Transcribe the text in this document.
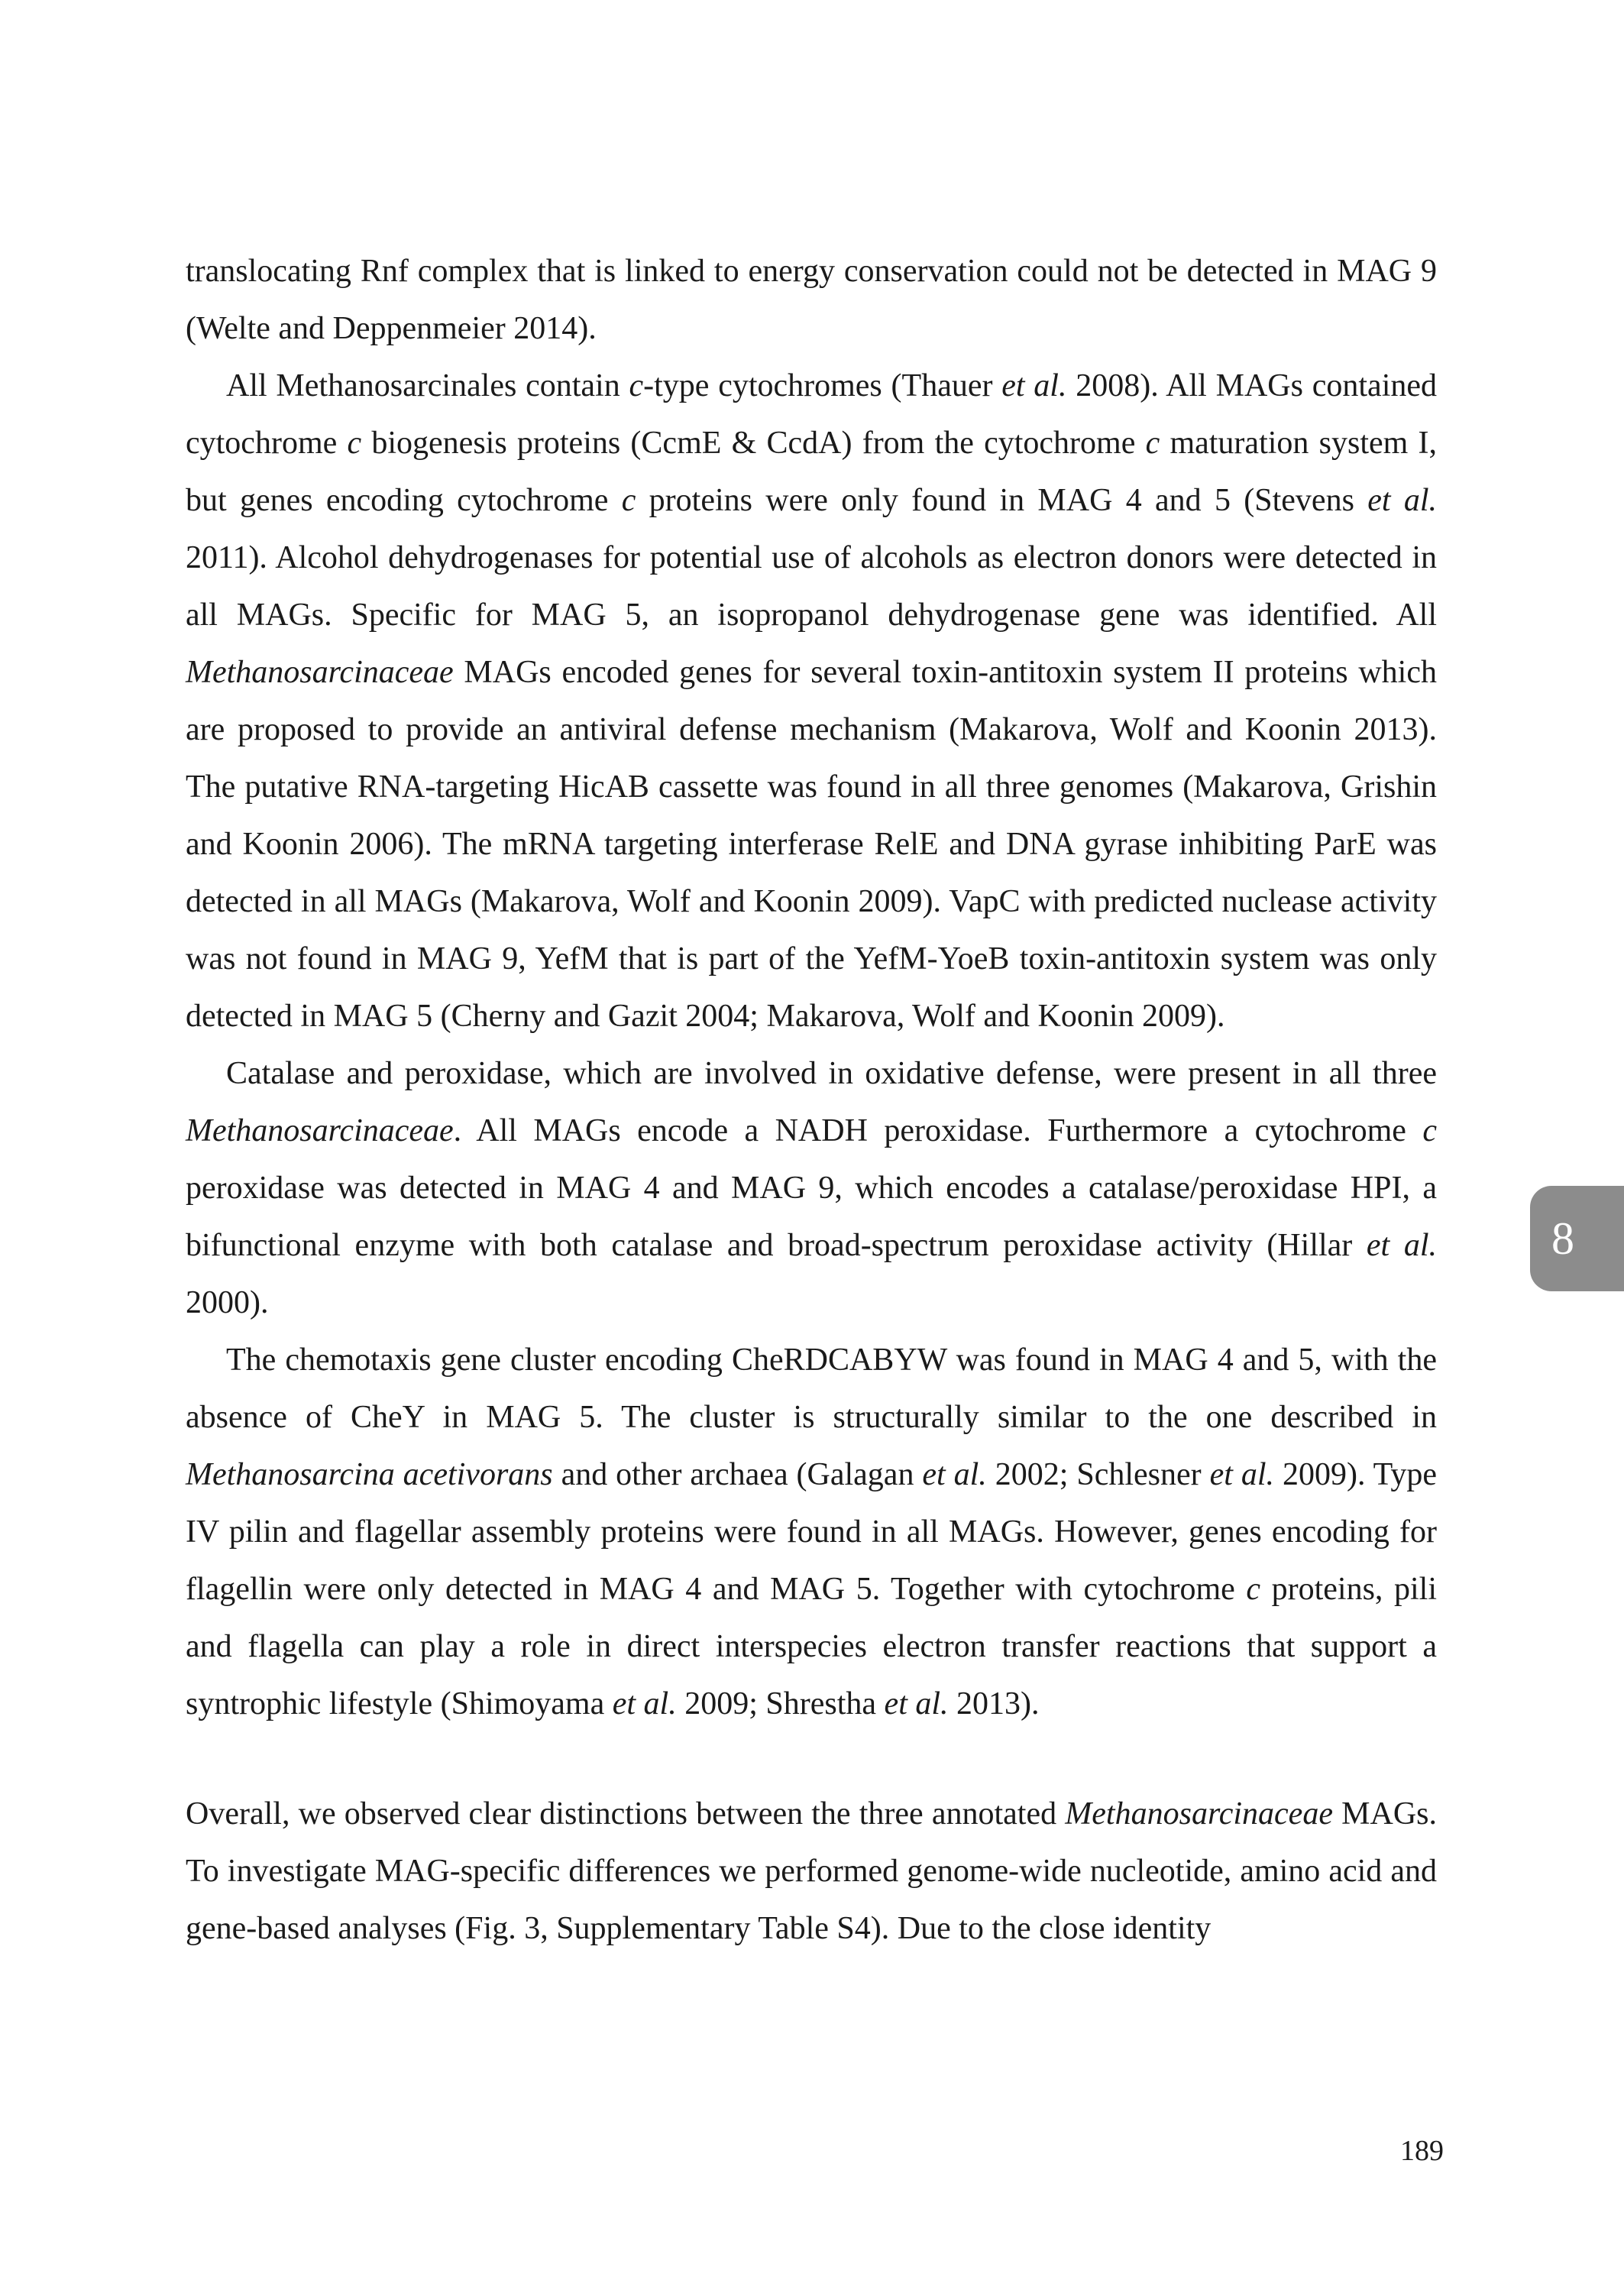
translocating Rnf complex that is linked to energy conservation could not be detected in MAG 9 (Welte and Deppenmeier 2014).

All Methanosarcinales contain c-type cytochromes (Thauer et al. 2008). All MAGs contained cytochrome c biogenesis proteins (CcmE & CcdA) from the cytochrome c maturation system I, but genes encoding cytochrome c proteins were only found in MAG 4 and 5 (Stevens et al. 2011). Alcohol dehydrogenases for potential use of alcohols as electron donors were detected in all MAGs. Specific for MAG 5, an isopropanol dehydrogenase gene was identified. All Methanosarcinaceae MAGs encoded genes for several toxin-antitoxin system II proteins which are proposed to provide an antiviral defense mechanism (Makarova, Wolf and Koonin 2013). The putative RNA-targeting HicAB cassette was found in all three genomes (Makarova, Grishin and Koonin 2006). The mRNA targeting interferase RelE and DNA gyrase inhibiting ParE was detected in all MAGs (Makarova, Wolf and Koonin 2009). VapC with predicted nuclease activity was not found in MAG 9, YefM that is part of the YefM-YoeB toxin-antitoxin system was only detected in MAG 5 (Cherny and Gazit 2004; Makarova, Wolf and Koonin 2009).

Catalase and peroxidase, which are involved in oxidative defense, were present in all three Methanosarcinaceae. All MAGs encode a NADH peroxidase. Furthermore a cytochrome c peroxidase was detected in MAG 4 and MAG 9, which encodes a catalase/peroxidase HPI, a bifunctional enzyme with both catalase and broad-spectrum peroxidase activity (Hillar et al. 2000).

The chemotaxis gene cluster encoding CheRDCABYW was found in MAG 4 and 5, with the absence of CheY in MAG 5. The cluster is structurally similar to the one described in Methanosarcina acetivorans and other archaea (Galagan et al. 2002; Schlesner et al. 2009). Type IV pilin and flagellar assembly proteins were found in all MAGs. However, genes encoding for flagellin were only detected in MAG 4 and MAG 5. Together with cytochrome c proteins, pili and flagella can play a role in direct interspecies electron transfer reactions that support a syntrophic lifestyle (Shimoyama et al. 2009; Shrestha et al. 2013).

Overall, we observed clear distinctions between the three annotated Methanosarcinaceae MAGs. To investigate MAG-specific differences we performed genome-wide nucleotide, amino acid and gene-based analyses (Fig. 3, Supplementary Table S4). Due to the close identity

8
189
